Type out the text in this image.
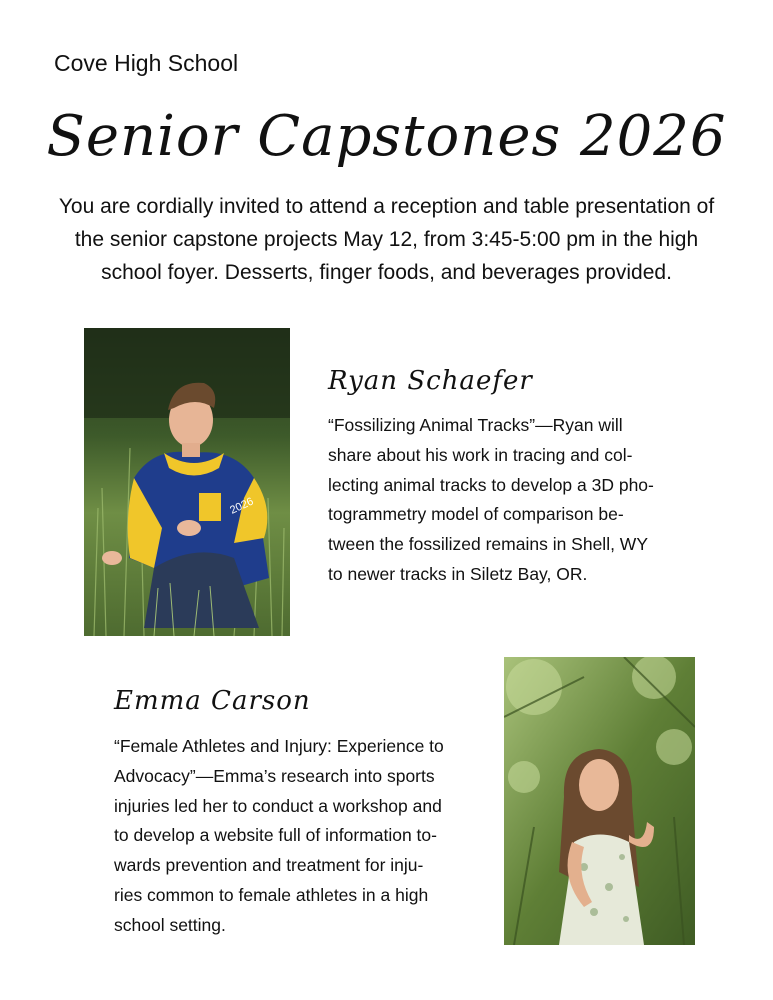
Cove High School
Senior Capstones 2026
You are cordially invited to attend a reception and table presentation of
the senior capstone projects May 12, from 3:45-5:00 pm in the high
school foyer. Desserts, finger foods, and beverages provided.
2026
Ryan Schaefer
“Fossilizing Animal Tracks”—Ryan will
share about his work in tracing and col-
lecting animal tracks to develop a 3D pho-
togrammetry model of comparison be-
tween the fossilized remains in Shell, WY
to newer tracks in Siletz Bay, OR.
Emma Carson
“Female Athletes and Injury: Experience to
Advocacy”—Emma’s research into sports
injuries led her to conduct a workshop and
to develop a website full of information to-
wards prevention and treatment for inju-
ries common to female athletes in a high
school setting.
